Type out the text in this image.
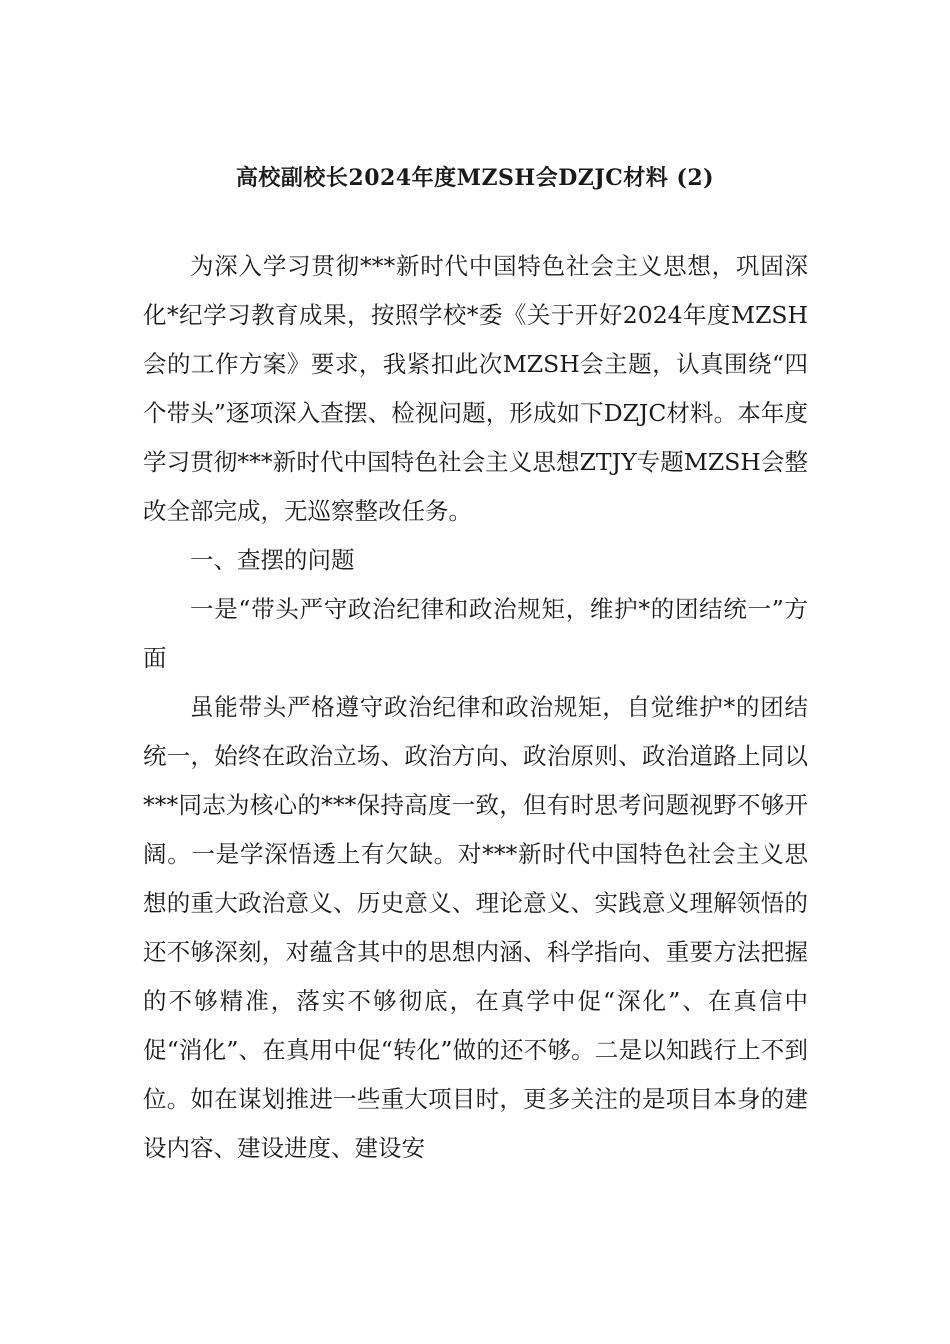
高校副校长2024年度MZSH会DZJC材料 (2)

为深入学习贯彻***新时代中国特色社会主义思想，巩固深化*纪学习教育成果，按照学校*委《关于开好2024年度MZSH会的工作方案》要求，我紧扣此次MZSH会主题，认真围绕“四个带头”逐项深入查摆、检视问题，形成如下DZJC材料。本年度学习贯彻***新时代中国特色社会主义思想ZTJY专题MZSH会整改全部完成，无巡察整改任务。

一、查摆的问题

一是“带头严守政治纪律和政治规矩，维护*的团结统一”方面

虽能带头严格遵守政治纪律和政治规矩，自觉维护*的团结统一，始终在政治立场、政治方向、政治原则、政治道路上同以***同志为核心的***保持高度一致，但有时思考问题视野不够开阔。一是学深悟透上有欠缺。对***新时代中国特色社会主义思想的重大政治意义、历史意义、理论意义、实践意义理解领悟的还不够深刻，对蕴含其中的思想内涵、科学指向、重要方法把握的不够精准，落实不够彻底，在真学中促“深化”、在真信中促“消化”、在真用中促“转化”做的还不够。二是以知践行上不到位。如在谋划推进一些重大项目时，更多关注的是项目本身的建设内容、建设进度、建设安
